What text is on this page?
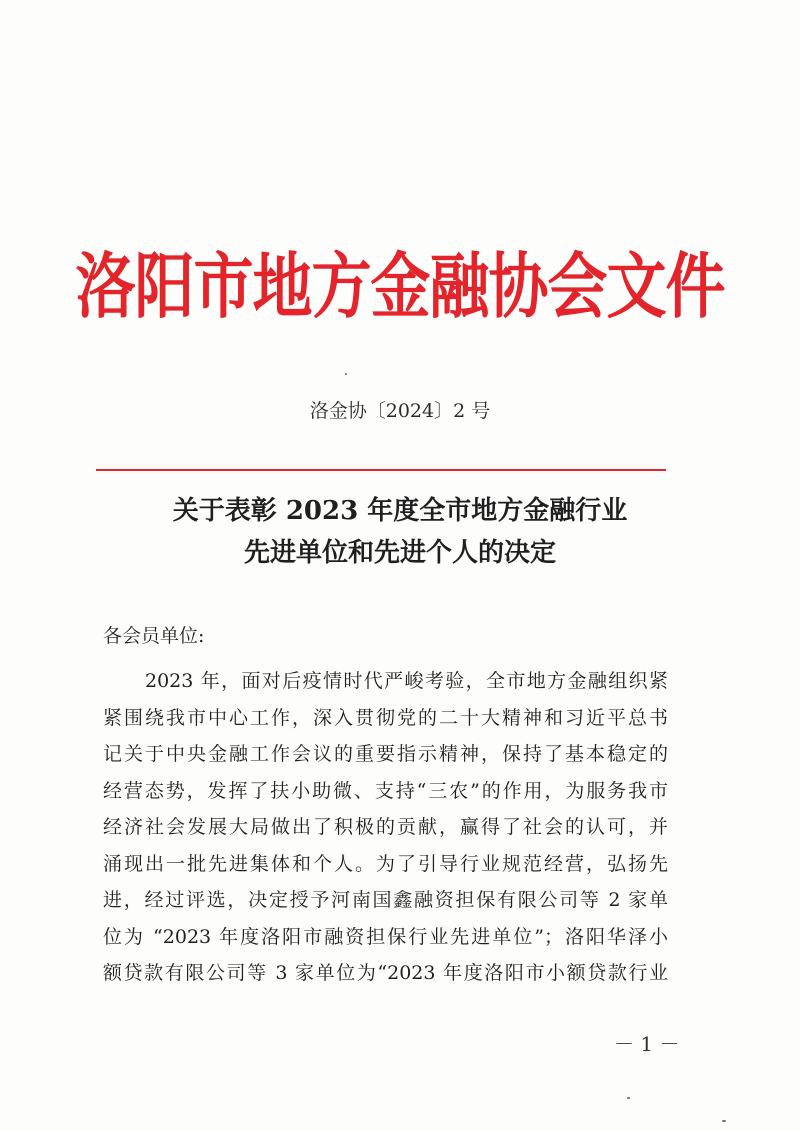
洛阳市地方金融协会文件
洛金协〔2024〕2 号
关于表彰 2023 年度全市地方金融行业
先进单位和先进个人的决定
各会员单位:
2023 年，面对后疫情时代严峻考验，全市地方金融组织紧
紧围绕我市中心工作，深入贯彻党的二十大精神和习近平总书
记关于中央金融工作会议的重要指示精神，保持了基本稳定的
经营态势，发挥了扶小助微、支持“三农”的作用，为服务我市
经济社会发展大局做出了积极的贡献，赢得了社会的认可，并
涌现出一批先进集体和个人。为了引导行业规范经营，弘扬先
进，经过评选，决定授予河南国鑫融资担保有限公司等 2 家单
位为 “2023 年度洛阳市融资担保行业先进单位”；洛阳华泽小
额贷款有限公司等 3 家单位为“2023 年度洛阳市小额贷款行业
－ 1 －
